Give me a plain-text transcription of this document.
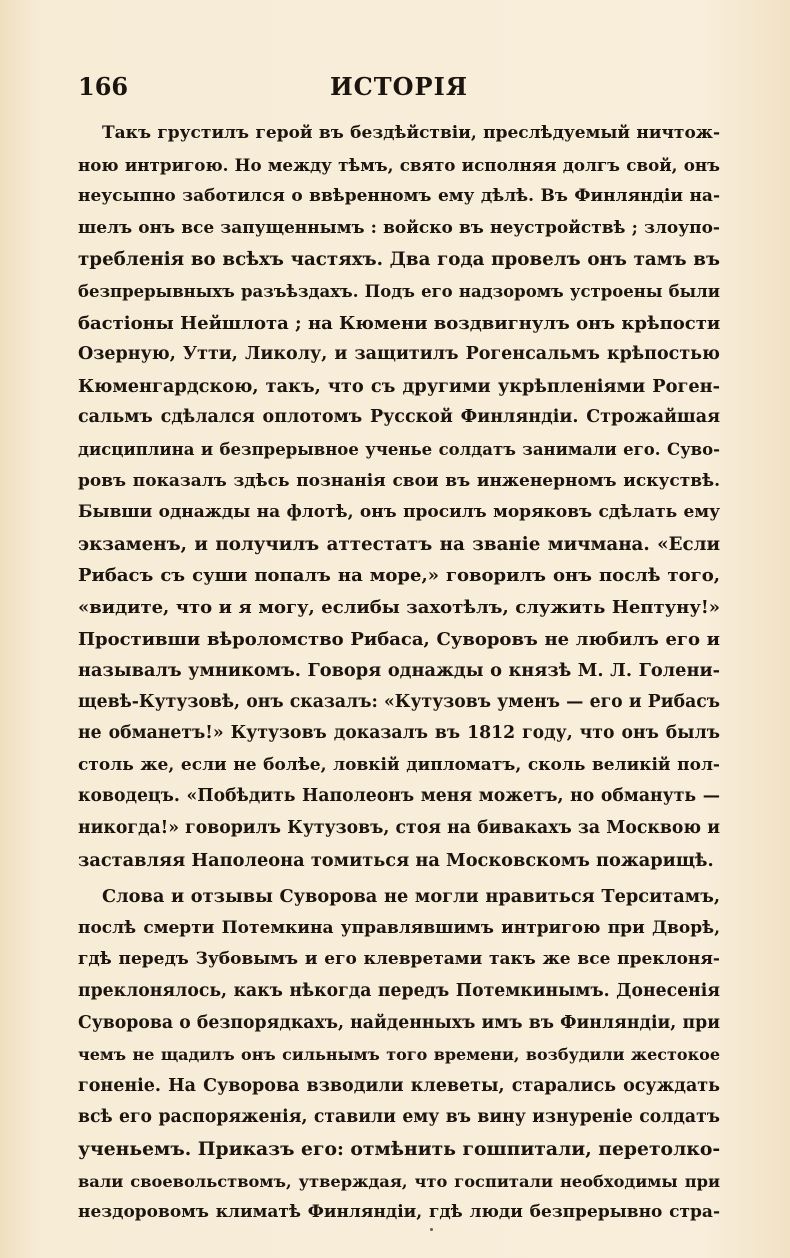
166	ИСТОРІЯ
Такъ грустилъ герой въ бездѣйствіи, преслѣдуемый ничтож-
ною интригою. Но между тѣмъ, свято исполняя долгъ свой, онъ
неусыпно заботился о ввѣренномъ ему дѣлѣ. Въ Финляндіи на-
шелъ онъ все запущеннымъ : войско въ неустройствѣ ; злоупо-
требленія во всѣхъ частяхъ. Два года провелъ онъ тамъ въ
безпрерывныхъ разъѣздахъ. Подъ его надзоромъ устроены были
бастіоны Нейшлота ; на Кюмени воздвигнулъ онъ крѣпости
Озерную, Утти, Ликолу, и защитилъ Рогенсальмъ крѣпостью
Кюменгардскою, такъ, что съ другими укрѣпленіями Роген-
сальмъ сдѣлался оплотомъ Русской Финляндіи. Строжайшая
дисциплина и безпрерывное ученье солдатъ занимали его. Суво-
ровъ показалъ здѣсь познанія свои въ инженерномъ искуствѣ.
Бывши однажды на флотѣ, онъ просилъ моряковъ сдѣлать ему
экзаменъ, и получилъ аттестатъ на званіе мичмана. «Если
Рибасъ съ суши попалъ на море,» говорилъ онъ послѣ того,
«видите, что и я могу, еслибы захотѣлъ, служить Нептуну!»
Простивши вѣроломство Рибаса, Суворовъ не любилъ его и
называлъ умникомъ. Говоря однажды о князѣ М. Л. Голени-
щевѣ-Кутузовѣ, онъ сказалъ: «Кутузовъ уменъ — его и Рибасъ
не обманетъ!» Кутузовъ доказалъ въ 1812 году, что онъ былъ
столь же, если не болѣе, ловкій дипломатъ, сколь великій пол-
ководецъ. «Побѣдить Наполеонъ меня можетъ, но обмануть —
никогда!» говорилъ Кутузовъ, стоя на бивакахъ за Москвою и
заставляя Наполеона томиться на Московскомъ пожарищѣ.
Слова и отзывы Суворова не могли нравиться Терситамъ,
послѣ смерти Потемкина управлявшимъ интригою при Дворѣ,
гдѣ передъ Зубовымъ и его клевретами такъ же все преклоня-
преклонялось, какъ нѣкогда передъ Потемкинымъ. Донесенія
Суворова о безпорядкахъ, найденныхъ имъ въ Финляндіи, при
чемъ не щадилъ онъ сильнымъ того времени, возбудили жестокое
гоненіе. На Суворова взводили клеветы, старались осуждать
всѣ его распоряженія, ставили ему въ вину изнуреніе солдатъ
ученьемъ. Приказъ его: отмѣнить гошпитали, перетолко-
вали своевольствомъ, утверждая, что госпитали необходимы при
нездоровомъ климатѣ Финляндіи, гдѣ люди безпрерывно стра-
